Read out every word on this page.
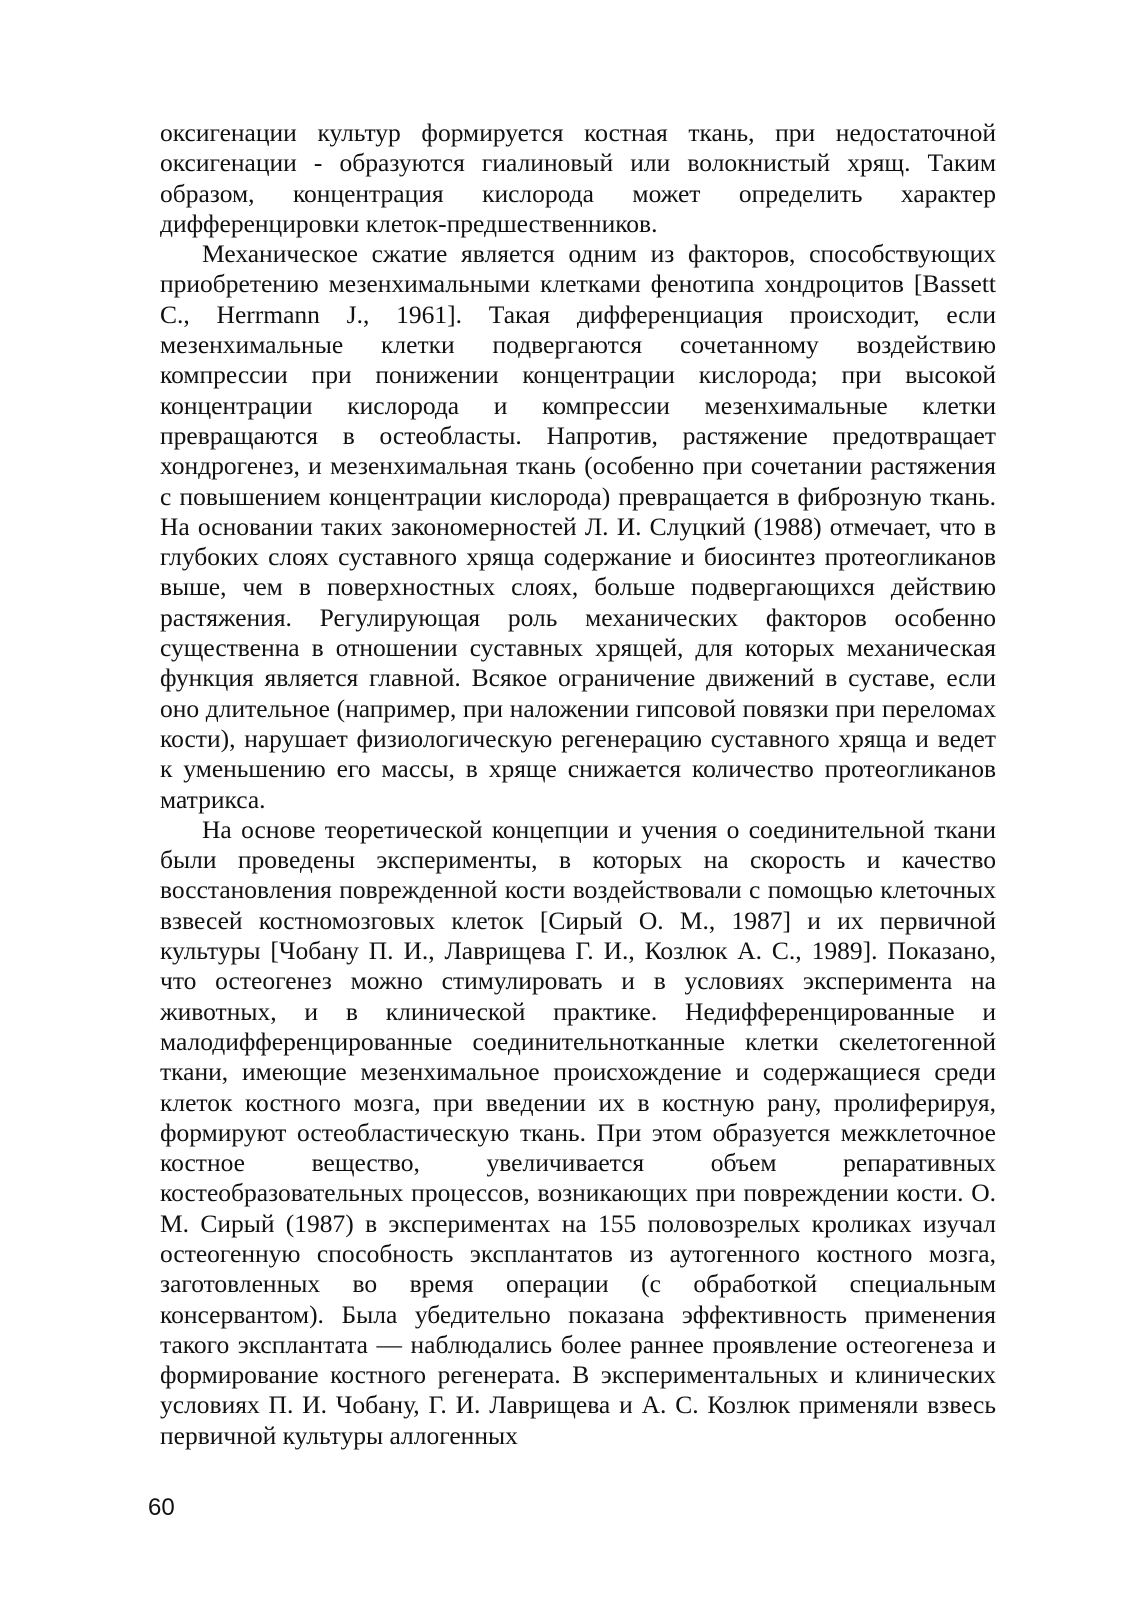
оксигенации культур формируется костная ткань, при недостаточной оксигенации - образуются гиалиновый или волокнистый хрящ. Таким образом, концентрация кислорода может определить характер дифференцировки клеток-предшественников.

Механическое сжатие является одним из факторов, способствующих приобретению мезенхимальными клетками фенотипа хондроцитов [Bassett C., Herrmann J., 1961]. Такая дифференциация происходит, если мезенхимальные клетки подвергаются сочетанному воздействию компрессии при понижении концентрации кислорода; при высокой концентрации кислорода и компрессии мезенхимальные клетки превращаются в остеобласты. Напротив, растяжение предотвращает хондрогенез, и мезенхимальная ткань (особенно при сочетании растяжения с повышением концентрации кислорода) превращается в фиброзную ткань. На основании таких закономерностей Л. И. Слуцкий (1988) отмечает, что в глубоких слоях суставного хряща содержание и биосинтез протеогликанов выше, чем в поверхностных слоях, больше подвергающихся действию растяжения. Регулирующая роль механических факторов особенно существенна в отношении суставных хрящей, для которых механическая функция является главной. Всякое ограничение движений в суставе, если оно длительное (например, при наложении гипсовой повязки при переломах кости), нарушает физиологическую регенерацию суставного хряща и ведет к уменьшению его массы, в хряще снижается количество протеогликанов матрикса.

На основе теоретической концепции и учения о соединительной ткани были проведены эксперименты, в которых на скорость и качество восстановления поврежденной кости воздействовали с помощью клеточных взвесей костномозговых клеток [Сирый О. М., 1987] и их первичной культуры [Чобану П. И., Лаврищева Г. И., Козлюк А. С., 1989]. Показано, что остеогенез можно стимулировать и в условиях эксперимента на животных, и в клинической практике. Недифференцированные и малодифференцированные соединительнотканные клетки скелетогенной ткани, имеющие мезенхимальное происхождение и содержащиеся среди клеток костного мозга, при введении их в костную рану, пролиферируя, формируют остеобластическую ткань. При этом образуется межклеточное костное вещество, увеличивается объем репаративных костеобразовательных процессов, возникающих при повреждении кости. О. М. Сирый (1987) в экспериментах на 155 половозрелых кроликах изучал остеогенную способность эксплантатов из аутогенного костного мозга, заготовленных во время операции (с обработкой специальным консервантом). Была убедительно показана эффективность применения такого эксплантата — наблюдались более раннее проявление остеогенеза и формирование костного регенерата. В экспериментальных и клинических условиях П. И. Чобану, Г. И. Лаврищева и А. С. Козлюк применяли взвесь первичной культуры аллогенных

60
